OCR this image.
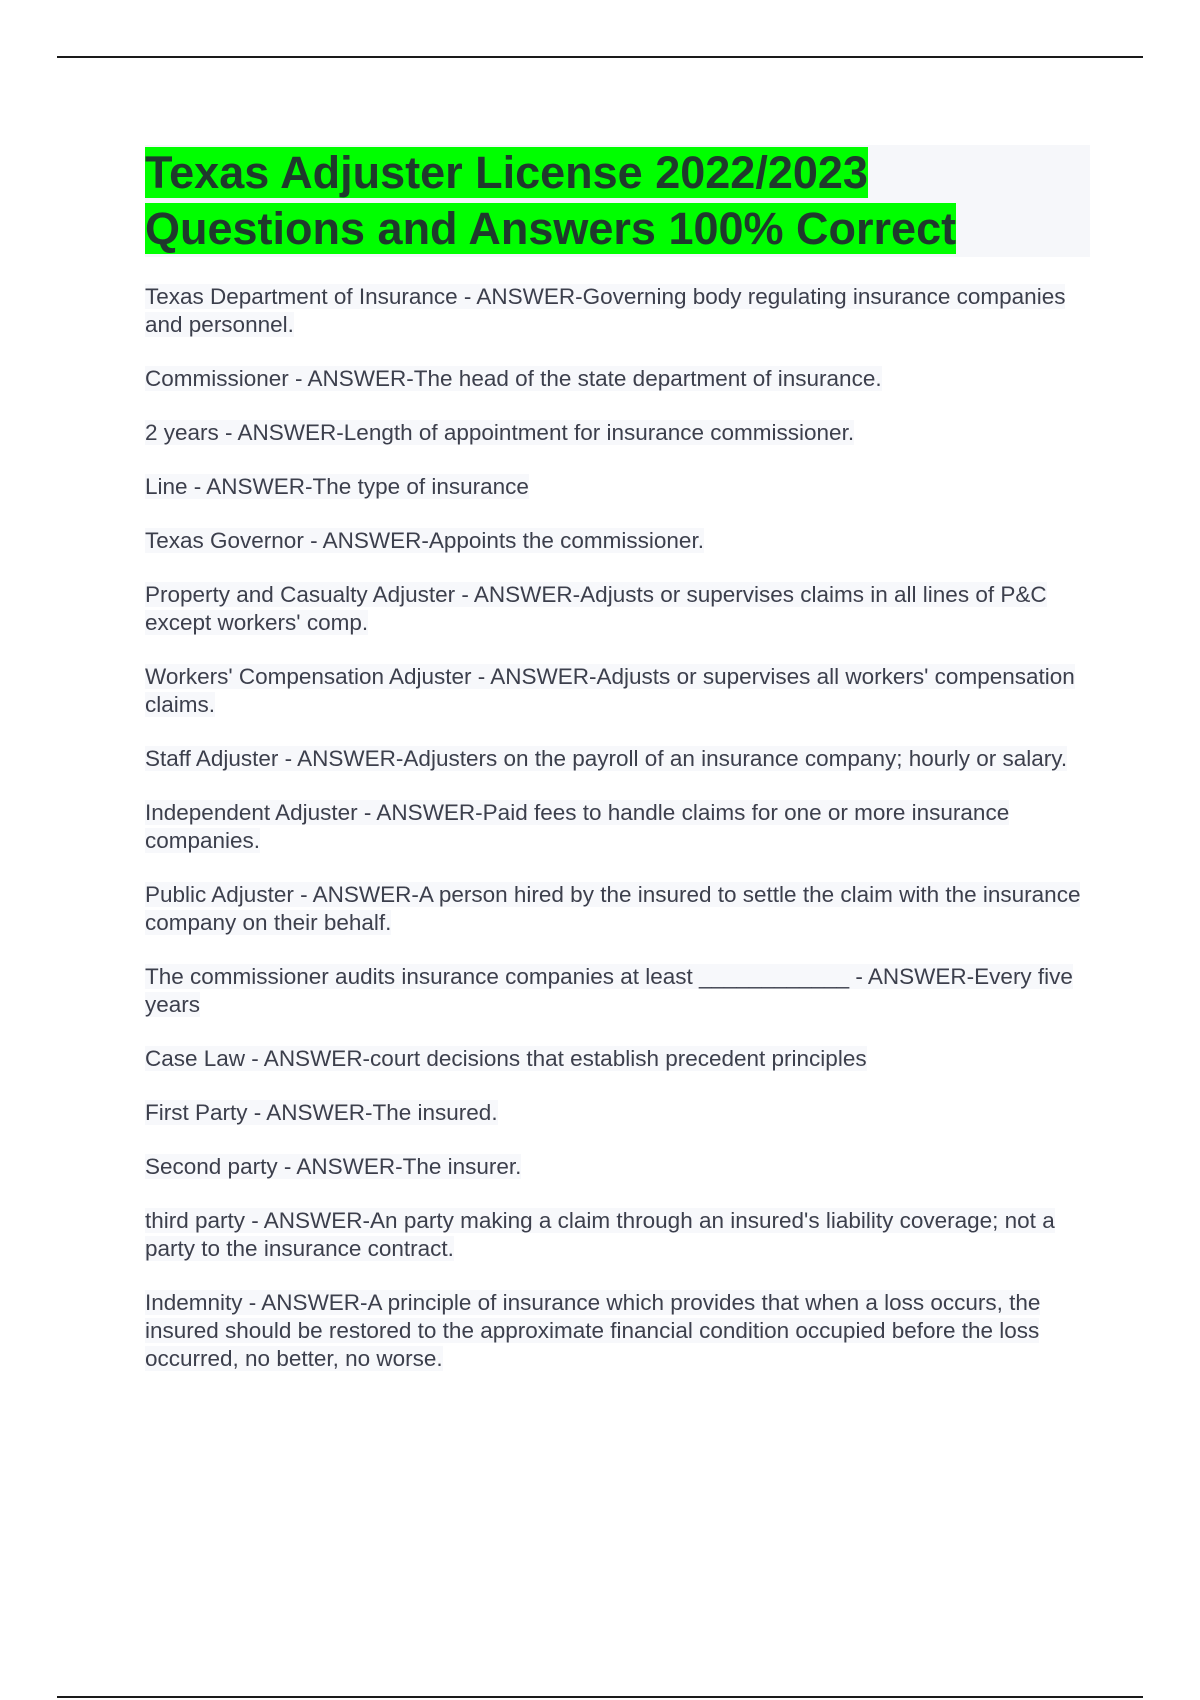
Texas Adjuster License 2022/2023
Questions and Answers 100% Correct
Texas Department of Insurance - ANSWER-Governing body regulating insurance companies and personnel.
Commissioner - ANSWER-The head of the state department of insurance.
2 years - ANSWER-Length of appointment for insurance commissioner.
Line - ANSWER-The type of insurance
Texas Governor - ANSWER-Appoints the commissioner.
Property and Casualty Adjuster - ANSWER-Adjusts or supervises claims in all lines of P&C except workers' comp.
Workers' Compensation Adjuster - ANSWER-Adjusts or supervises all workers' compensation claims.
Staff Adjuster - ANSWER-Adjusters on the payroll of an insurance company; hourly or salary.
Independent Adjuster - ANSWER-Paid fees to handle claims for one or more insurance companies.
Public Adjuster - ANSWER-A person hired by the insured to settle the claim with the insurance company on their behalf.
The commissioner audits insurance companies at least ____________ - ANSWER-Every five years
Case Law - ANSWER-court decisions that establish precedent principles
First Party - ANSWER-The insured.
Second party - ANSWER-The insurer.
third party - ANSWER-An party making a claim through an insured's liability coverage; not a party to the insurance contract.
Indemnity - ANSWER-A principle of insurance which provides that when a loss occurs, the insured should be restored to the approximate financial condition occupied before the loss occurred, no better, no worse.
